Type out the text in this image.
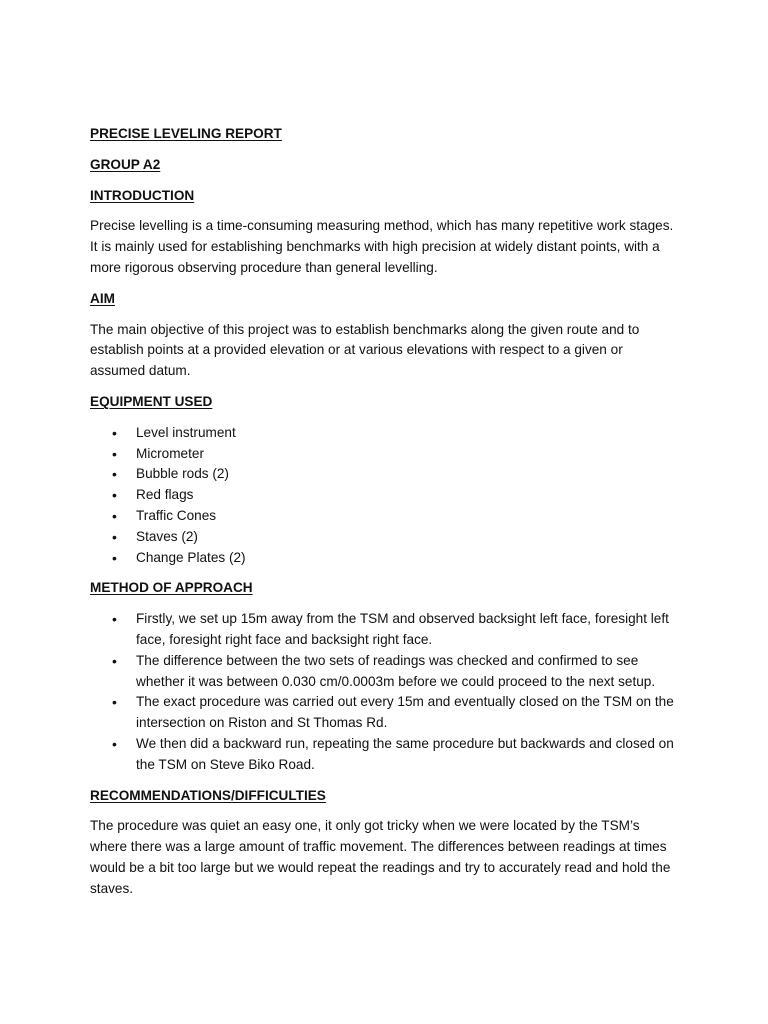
PRECISE LEVELING REPORT
GROUP A2
INTRODUCTION

Precise levelling is a time-consuming measuring method, which has many repetitive work stages. It is mainly used for establishing benchmarks with high precision at widely distant points, with a more rigorous observing procedure than general levelling.

AIM

The main objective of this project was to establish benchmarks along the given route and to establish points at a provided elevation or at various elevations with respect to a given or assumed datum.

EQUIPMENT USED
• Level instrument
• Micrometer
• Bubble rods (2)
• Red flags
• Traffic Cones
• Staves (2)
• Change Plates (2)
METHOD OF APPROACH
• Firstly, we set up 15m away from the TSM and observed backsight left face, foresight left face, foresight right face and backsight right face.
• The difference between the two sets of readings was checked and confirmed to see whether it was between 0.030 cm/0.0003m before we could proceed to the next setup.
• The exact procedure was carried out every 15m and eventually closed on the TSM on the intersection on Riston and St Thomas Rd.
• We then did a backward run, repeating the same procedure but backwards and closed on the TSM on Steve Biko Road.
RECOMMENDATIONS/DIFFICULTIES

The procedure was quiet an easy one, it only got tricky when we were located by the TSM’s where there was a large amount of traffic movement. The differences between readings at times would be a bit too large but we would repeat the readings and try to accurately read and hold the staves.
